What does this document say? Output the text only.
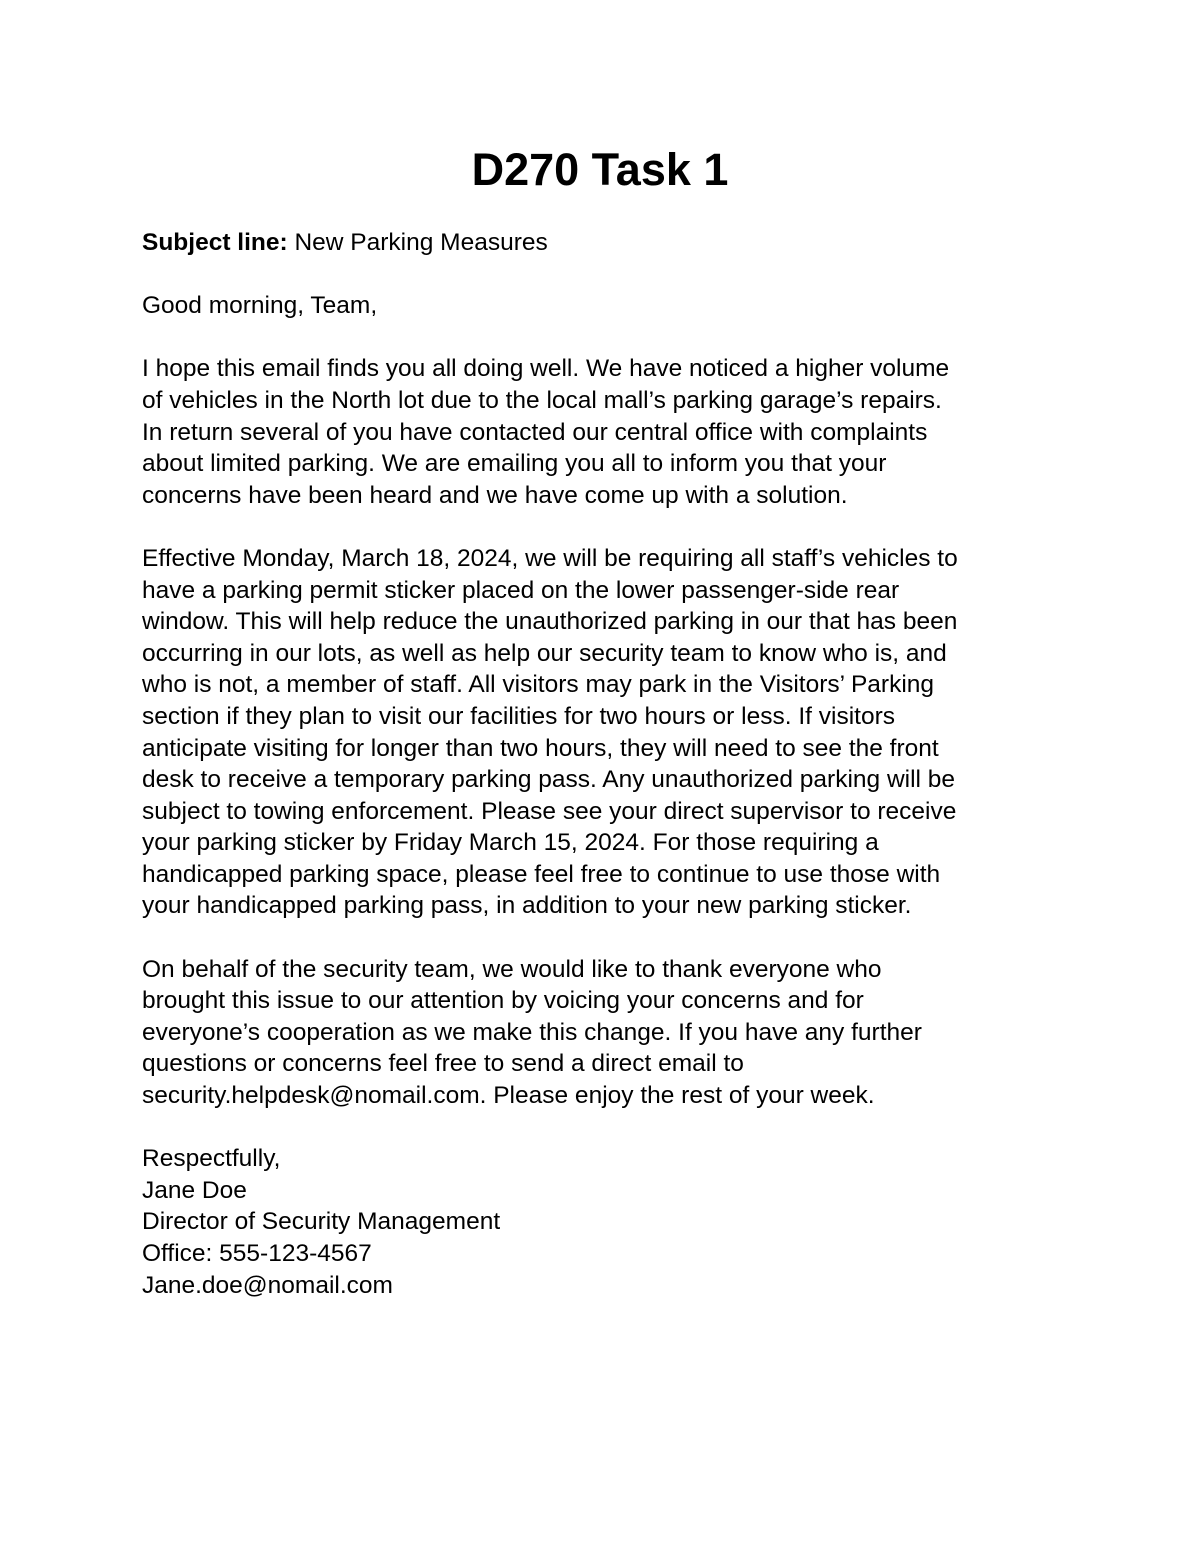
D270 Task 1

Subject line: New Parking Measures

Good morning, Team,

I hope this email finds you all doing well. We have noticed a higher volume

of vehicles in the North lot due to the local mall’s parking garage’s repairs.

In return several of you have contacted our central office with complaints

about limited parking. We are emailing you all to inform you that your

concerns have been heard and we have come up with a solution.

Effective Monday, March 18, 2024, we will be requiring all staff’s vehicles to

have a parking permit sticker placed on the lower passenger-side rear

window. This will help reduce the unauthorized parking in our that has been

occurring in our lots, as well as help our security team to know who is, and

who is not, a member of staff. All visitors may park in the Visitors’ Parking

section if they plan to visit our facilities for two hours or less. If visitors

anticipate visiting for longer than two hours, they will need to see the front

desk to receive a temporary parking pass. Any unauthorized parking will be

subject to towing enforcement. Please see your direct supervisor to receive

your parking sticker by Friday March 15, 2024. For those requiring a

handicapped parking space, please feel free to continue to use those with

your handicapped parking pass, in addition to your new parking sticker.

On behalf of the security team, we would like to thank everyone who

brought this issue to our attention by voicing your concerns and for

everyone’s cooperation as we make this change. If you have any further

questions or concerns feel free to send a direct email to

security.helpdesk@nomail.com. Please enjoy the rest of your week.

Respectfully,

Jane Doe

Director of Security Management

Office: 555-123-4567

Jane.doe@nomail.com
